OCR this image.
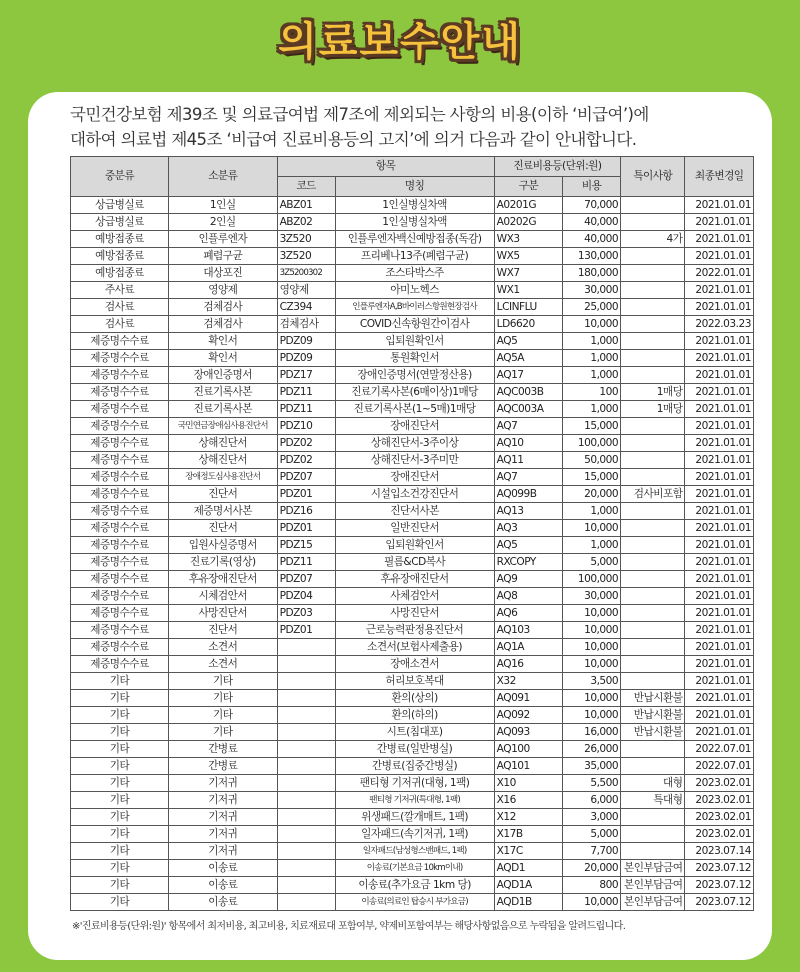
의료보수안내
국민건강보험 제39조 및 의료급여법 제7조에 제외되는 사항의 비용(이하 ‘비급여’)에
대하여 의료법 제45조 ‘비급여 진료비용등의 고지’에 의거 다음과 같이 안내합니다.
중분류	소분류	항목		진료비용등(단위:원)		특이사항	최종변경일
		코드	명칭	구분	비용		
상급병실료	1인실	ABZ01	1인실병실차액	A0201G	70,000		2021.01.01
상급병실료	2인실	ABZ02	1인실병실차액	A0202G	40,000		2021.01.01
예방접종료	인플루엔자	3Z520	인플루엔자백신예방접종(독감)	WX3	40,000	4가	2021.01.01
예방접종료	폐렴구균	3Z520	프리베나13주(폐렴구균)	WX5	130,000		2021.01.01
예방접종료	대상포진	3Z5200302	조스타박스주	WX7	180,000		2022.01.01
주사료	영양제	영양제	아미노헥스	WX1	30,000		2021.01.01
검사료	검체검사	CZ394	인플루엔자A,B바이러스항원현장검사	LCINFLU	25,000		2021.01.01
검사료	검체검사	검체검사	COVID신속항원간이검사	LD6620	10,000		2022.03.23
제증명수수료	확인서	PDZ09	입퇴원확인서	AQ5	1,000		2021.01.01
제증명수수료	확인서	PDZ09	통원확인서	AQ5A	1,000		2021.01.01
제증명수수료	장애인증명서	PDZ17	장애인증명서(연말정산용)	AQ17	1,000		2021.01.01
제증명수수료	진료기록사본	PDZ11	진료기록사본(6매이상)1매당	AQC003B	100	1매당	2021.01.01
제증명수수료	진료기록사본	PDZ11	진료기록사본(1~5매)1매당	AQC003A	1,000	1매당	2021.01.01
제증명수수료	국민연금장애심사용진단서	PDZ10	장애진단서	AQ7	15,000		2021.01.01
제증명수수료	상해진단서	PDZ02	상해진단서-3주이상	AQ10	100,000		2021.01.01
제증명수수료	상해진단서	PDZ02	상해진단서-3주미만	AQ11	50,000		2021.01.01
제증명수수료	장애정도심사용진단서	PDZ07	장애진단서	AQ7	15,000		2021.01.01
제증명수수료	진단서	PDZ01	시설입소건강진단서	AQ099B	20,000	검사비포함	2021.01.01
제증명수수료	제증명서사본	PDZ16	진단서사본	AQ13	1,000		2021.01.01
제증명수수료	진단서	PDZ01	일반진단서	AQ3	10,000		2021.01.01
제증명수수료	입원사실증명서	PDZ15	입퇴원확인서	AQ5	1,000		2021.01.01
제증명수수료	진료기록(영상)	PDZ11	필름&CD복사	RXCOPY	5,000		2021.01.01
제증명수수료	후유장애진단서	PDZ07	후유장애진단서	AQ9	100,000		2021.01.01
제증명수수료	시체검안서	PDZ04	사체검안서	AQ8	30,000		2021.01.01
제증명수수료	사망진단서	PDZ03	사망진단서	AQ6	10,000		2021.01.01
제증명수수료	진단서	PDZ01	근로능력판정용진단서	AQ103	10,000		2021.01.01
제증명수수료	소견서		소견서(보험사제출용)	AQ1A	10,000		2021.01.01
제증명수수료	소견서		장애소견서	AQ16	10,000		2021.01.01
기타	기타		허리보호복대	X32	3,500		2021.01.01
기타	기타		환의(상의)	AQ091	10,000	반납시환불	2021.01.01
기타	기타		환의(하의)	AQ092	10,000	반납시환불	2021.01.01
기타	기타		시트(침대포)	AQ093	16,000	반납시환불	2021.01.01
기타	간병료		간병료(일반병실)	AQ100	26,000		2022.07.01
기타	간병료		간병료(집중간병실)	AQ101	35,000		2022.07.01
기타	기저귀		팬티형 기저귀(대형, 1팩)	X10	5,500	대형	2023.02.01
기타	기저귀		팬티형 기저귀(특대형, 1팩)	X16	6,000	특대형	2023.02.01
기타	기저귀		위생패드(깔개매트, 1팩)	X12	3,000		2023.02.01
기타	기저귀		일자패드(속기저귀, 1팩)	X17B	5,000		2023.02.01
기타	기저귀		일자패드(남성형스밴패드, 1팩)	X17C	7,700		2023.07.14
기타	이송료		이송료(기본요금 10km이내)	AQD1	20,000	본인부담금여	2023.07.12
기타	이송료		이송료(추가요금 1km 당)	AQD1A	800	본인부담금여	2023.07.12
기타	이송료		이송료(의료인 탑승시 부가요금)	AQD1B	10,000	본인부담금여	2023.07.12
※'진료비용등(단위:원)' 항목에서 최저비용, 최고비용, 치료재료대 포함여부, 약제비포함여부는 해당사항없음으로 누락됨을 알려드립니다.
